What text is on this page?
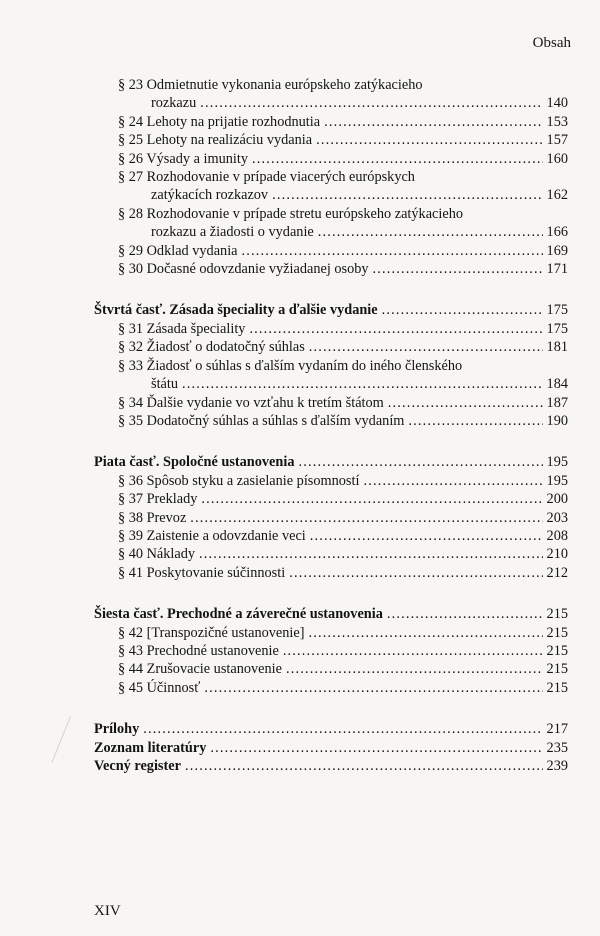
Obsah
§ 23 Odmietnutie vykonania európskeho zatýkacieho
rozkazu . . .	140
§ 24 Lehoty na prijatie rozhodnutia . . .	153
§ 25 Lehoty na realizáciu vydania . . .	157
§ 26 Výsady a imunity . . .	160
§ 27 Rozhodovanie v prípade viacerých európskych
zatýkacích rozkazov . . .	162
§ 28 Rozhodovanie v prípade stretu európskeho zatýkacieho
rozkazu a žiadosti o vydanie . . .	166
§ 29 Odklad vydania . . .	169
§ 30 Dočasné odovzdanie vyžiadanej osoby . . .	171
Štvrtá časť. Zásada špeciality a ďalšie vydanie . . .	175
§ 31 Zásada špeciality . . .	175
§ 32 Žiadosť o dodatočný súhlas . . .	181
§ 33 Žiadosť o súhlas s ďalším vydaním do iného členského
štátu . . .	184
§ 34 Ďalšie vydanie vo vzťahu k tretím štátom . . .	187
§ 35 Dodatočný súhlas a súhlas s ďalším vydaním . . .	190
Piata časť. Spoločné ustanovenia . . .	195
§ 36 Spôsob styku a zasielanie písomností . . .	195
§ 37 Preklady . . .	200
§ 38 Prevoz . . .	203
§ 39 Zaistenie a odovzdanie veci . . .	208
§ 40 Náklady . . .	210
§ 41 Poskytovanie súčinnosti . . .	212
Šiesta časť. Prechodné a záverečné ustanovenia . . .	215
§ 42 [Transpozičné ustanovenie] . . .	215
§ 43 Prechodné ustanovenie . . .	215
§ 44 Zrušovacie ustanovenie . . .	215
§ 45 Účinnosť . . .	215
Prílohy . . .	217
Zoznam literatúry . . .	235
Vecný register . . .	239
XIV
